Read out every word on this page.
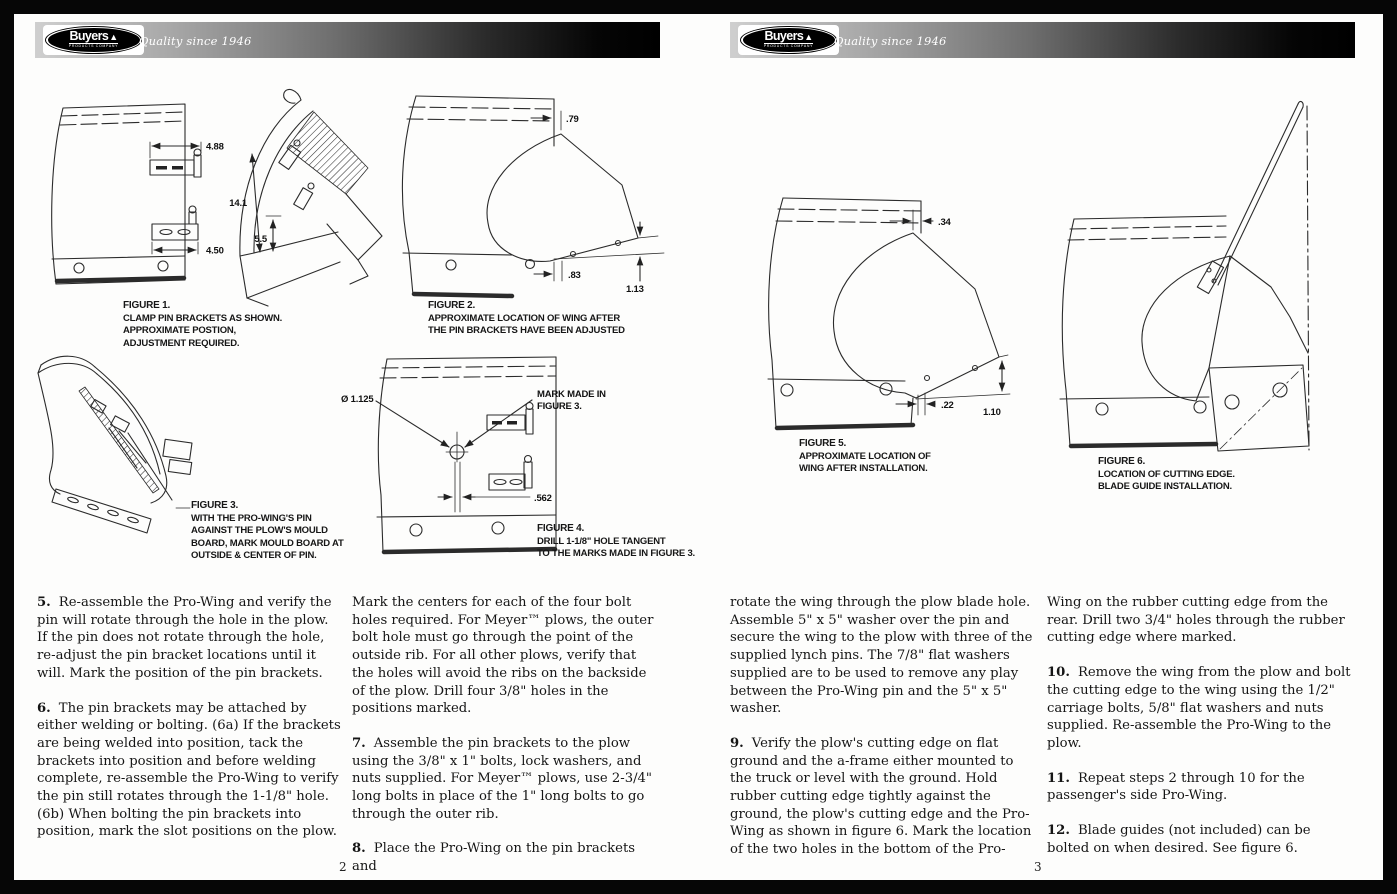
Buyers▲
PRODUCTS COMPANY Quality since 1946	Buyers▲
PRODUCTS COMPANY Quality since 1946
4.88
4.50
14.1
5.5
FIGURE 1.
CLAMP PIN BRACKETS AS SHOWN.
APPROXIMATE POSTION,
ADJUSTMENT REQUIRED.
.79
.83
1.13
FIGURE 2.
APPROXIMATE LOCATION OF WING AFTER
THE PIN BRACKETS HAVE BEEN ADJUSTED
FIGURE 3.
WITH THE PRO-WING'S PIN
AGAINST THE PLOW'S MOULD
BOARD, MARK MOULD BOARD AT
OUTSIDE & CENTER OF PIN.
Ø 1.125	MARK MADE IN
FIGURE 3.
.562
FIGURE 4.
DRILL 1-1/8" HOLE TANGENT
TO THE MARKS MADE IN FIGURE 3.
.34
.22
1.10
FIGURE 5.
APPROXIMATE LOCATION OF
WING AFTER INSTALLATION.
FIGURE 6.
LOCATION OF CUTTING EDGE.
BLADE GUIDE INSTALLATION.

5. Re-assemble the Pro-Wing and verify the pin will rotate through the hole in the plow. If the pin does not rotate through the hole, re-adjust the pin bracket locations until it will. Mark the position of the pin brackets.

6. The pin brackets may be attached by either welding or bolting. (6a) If the brackets are being welded into position, tack the brackets into position and before welding complete, re-assemble the Pro-Wing to verify the pin still rotates through the 1-1/8" hole. (6b) When bolting the pin brackets into position, mark the slot positions on the plow.

Mark the centers for each of the four bolt holes required. For Meyer™ plows, the outer bolt hole must go through the point of the outside rib. For all other plows, verify that the holes will avoid the ribs on the backside of the plow. Drill four 3/8" holes in the positions marked.

7. Assemble the pin brackets to the plow using the 3/8" x 1" bolts, lock washers, and nuts supplied. For Meyer™ plows, use 2-3/4" long bolts in place of the 1" long bolts to go through the outer rib.

8. Place the Pro-Wing on the pin brackets and

rotate the wing through the plow blade hole. Assemble 5" x 5" washer over the pin and secure the wing to the plow with three of the supplied lynch pins. The 7/8" flat washers supplied are to be used to remove any play between the Pro-Wing pin and the 5" x 5" washer.

9. Verify the plow's cutting edge on flat ground and the a-frame either mounted to the truck or level with the ground. Hold rubber cutting edge tightly against the ground, the plow's cutting edge and the Pro-Wing as shown in figure 6. Mark the location of the two holes in the bottom of the Pro-

Wing on the rubber cutting edge from the rear. Drill two 3/4" holes through the rubber cutting edge where marked.

10. Remove the wing from the plow and bolt the cutting edge to the wing using the 1/2" carriage bolts, 5/8" flat washers and nuts supplied. Re-assemble the Pro-Wing to the plow.

11. Repeat steps 2 through 10 for the passenger's side Pro-Wing.

12. Blade guides (not included) can be bolted on when desired. See figure 6.

2	3
